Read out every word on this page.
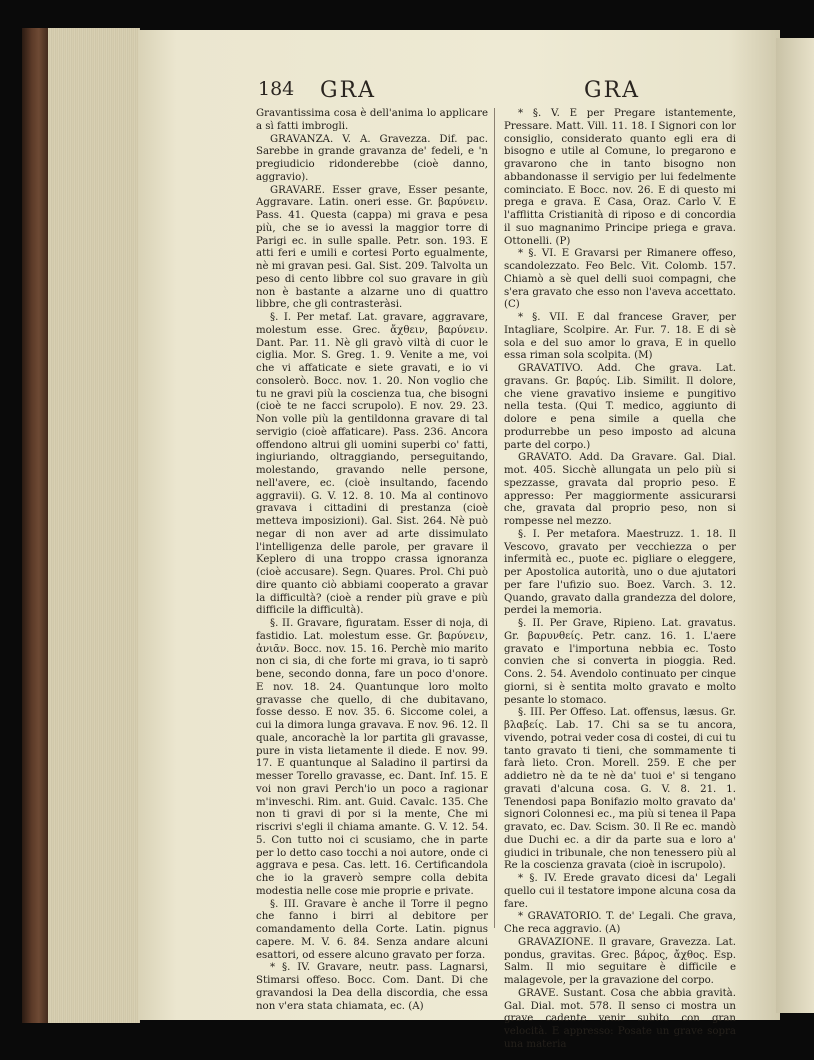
184 GRA	GRA

Gravantissima cosa è dell'anima lo applicare a sì fatti imbrogli.

GRAVANZA. V. A. Gravezza. Dif. pac. Sarebbe in grande gravanza de' fedeli, e 'n pregiudicio ridonderebbe (cioè danno, aggravio).

GRAVARE. Esser grave, Esser pesante, Aggravare. Latin. oneri esse. Gr. βαρύνειν. Pass. 41. Questa (cappa) mi grava e pesa più, che se io avessi la maggior torre di Parigi ec. in sulle spalle. Petr. son. 193. E atti feri e umili e cortesi Porto egualmente, nè mi gravan pesi. Gal. Sist. 209. Talvolta un peso di cento libbre col suo gravare in giù non è bastante a alzarne uno di quattro libbre, che gli contrasteràsi.

§. I. Per metaf. Lat. gravare, aggravare, molestum esse. Grec. ἄχθειν, βαρύνειν. Dant. Par. 11. Nè gli gravò viltà di cuor le ciglia. Mor. S. Greg. 1. 9. Venite a me, voi che vi affaticate e siete gravati, e io vi consolerò. Bocc. nov. 1. 20. Non voglio che tu ne gravi più la coscienza tua, che bisogni (cioè te ne facci scrupolo). E nov. 29. 23. Non volle più la gentildonna gravare di tal servigio (cioè affaticare). Pass. 236. Ancora offendono altrui gli uomini superbi co' fatti, ingiuriando, oltraggiando, perseguitando, molestando, gravando nelle persone, nell'avere, ec. (cioè insultando, facendo aggravii). G. V. 12. 8. 10. Ma al continovo gravava i cittadini di prestanza (cioè metteva imposizioni). Gal. Sist. 264. Nè può negar di non aver ad arte dissimulato l'intelligenza delle parole, per gravare il Keplero di una troppo crassa ignoranza (cioè accusare). Segn. Quares. Prol. Chi può dire quanto ciò abbiami cooperato a gravar la difficultà? (cioè a render più grave e più difficile la difficultà).

§. II. Gravare, figuratam. Esser di noja, di fastidio. Lat. molestum esse. Gr. βαρύνειν, ἀνιᾶν. Bocc. nov. 15. 16. Perchè mio marito non ci sia, di che forte mi grava, io ti saprò bene, secondo donna, fare un poco d'onore. E nov. 18. 24. Quantunque loro molto gravasse che quello, di che dubitavano, fosse desso. E nov. 35. 6. Siccome colei, a cui la dimora lunga gravava. E nov. 96. 12. Il quale, ancorachè la lor partita gli gravasse, pure in vista lietamente il diede. E nov. 99. 17. E quantunque al Saladino il partirsi da messer Torello gravasse, ec. Dant. Inf. 15. E voi non gravi Perch'io un poco a ragionar m'inveschi. Rim. ant. Guid. Cavalc. 135. Che non ti gravi di por si la mente, Che mi riscrivi s'egli il chiama amante. G. V. 12. 54. 5. Con tutto noi ci scusiamo, che in parte per lo detto caso tocchi a noi autore, onde ci aggrava e pesa. Cas. lett. 16. Certificandola che io la graverò sempre colla debita modestia nelle cose mie proprie e private.

§. III. Gravare è anche il Torre il pegno che fanno i birri al debitore per comandamento della Corte. Latin. pignus capere. M. V. 6. 84. Senza andare alcuni esattori, od essere alcuno gravato per forza.

* §. IV. Gravare, neutr. pass. Lagnarsi, Stimarsi offeso. Bocc. Com. Dant. Di che gravandosi la Dea della discordia, che essa non v'era stata chiamata, ec. (A)

* §. V. E per Pregare istantemente, Pressare. Matt. Vill. 11. 18. I Signori con lor consiglio, considerato quanto egli era di bisogno e utile al Comune, lo pregarono e gravarono che in tanto bisogno non abbandonasse il servigio per lui fedelmente cominciato. E Bocc. nov. 26. E di questo mi prega e grava. E Casa, Oraz. Carlo V. E l'afflitta Cristianità di riposo e di concordia il suo magnanimo Principe priega e grava. Ottonelli. (P)

* §. VI. E Gravarsi per Rimanere offeso, scandolezzato. Feo Belc. Vit. Colomb. 157. Chiamò a sè quel delli suoi compagni, che s'era gravato che esso non l'aveva accettato. (C)

* §. VII. E dal francese Graver, per Intagliare, Scolpire. Ar. Fur. 7. 18. E di sè sola e del suo amor lo grava, E in quello essa riman sola scolpita. (M)

GRAVATIVO. Add. Che grava. Lat. gravans. Gr. βαρύς. Lib. Similit. Il dolore, che viene gravativo insieme e pungitivo nella testa. (Qui T. medico, aggiunto di dolore e pena simile a quella che produrrebbe un peso imposto ad alcuna parte del corpo.)

GRAVATO. Add. Da Gravare. Gal. Dial. mot. 405. Sicchè allungata un pelo più si spezzasse, gravata dal proprio peso. E appresso: Per maggiormente assicurarsi che, gravata dal proprio peso, non si rompesse nel mezzo.

§. I. Per metafora. Maestruzz. 1. 18. Il Vescovo, gravato per vecchiezza o per infermità ec., puote ec. pigliare o eleggere, per Apostolica autorità, uno o due ajutatori per fare l'ufizio suo. Boez. Varch. 3. 12. Quando, gravato dalla grandezza del dolore, perdei la memoria.

§. II. Per Grave, Ripieno. Lat. gravatus. Gr. βαρυνθείς. Petr. canz. 16. 1. L'aere gravato e l'importuna nebbia ec. Tosto convien che si converta in pioggia. Red. Cons. 2. 54. Avendolo continuato per cinque giorni, si è sentita molto gravato e molto pesante lo stomaco.

§. III. Per Offeso. Lat. offensus, læsus. Gr. βλαβείς. Lab. 17. Chi sa se tu ancora, vivendo, potrai veder cosa di costei, di cui tu tanto gravato ti tieni, che sommamente ti farà lieto. Cron. Morell. 259. E che per addietro nè da te nè da' tuoi e' si tengano gravati d'alcuna cosa. G. V. 8. 21. 1. Tenendosi papa Bonifazio molto gravato da' signori Colonnesi ec., ma più si tenea il Papa gravato, ec. Dav. Scism. 30. Il Re ec. mandò due Duchi ec. a dir da parte sua e loro a' giudici in tribunale, che non tenessero più al Re la coscienza gravata (cioè in iscrupolo).

* §. IV. Erede gravato dicesi da' Legali quello cui il testatore impone alcuna cosa da fare.

* GRAVATORIO. T. de' Legali. Che grava, Che reca aggravio. (A)

GRAVAZIONE. Il gravare, Gravezza. Lat. pondus, gravitas. Grec. βάρος, ἄχθος. Esp. Salm. Il mio seguitare è difficile e malagevole, per la gravazione del corpo.

GRAVE. Sustant. Cosa che abbia gravità. Gal. Dial. mot. 578. Il senso ci mostra un grave cadente venir subito con gran velocità. E appresso: Posate un grave sopra una materia
